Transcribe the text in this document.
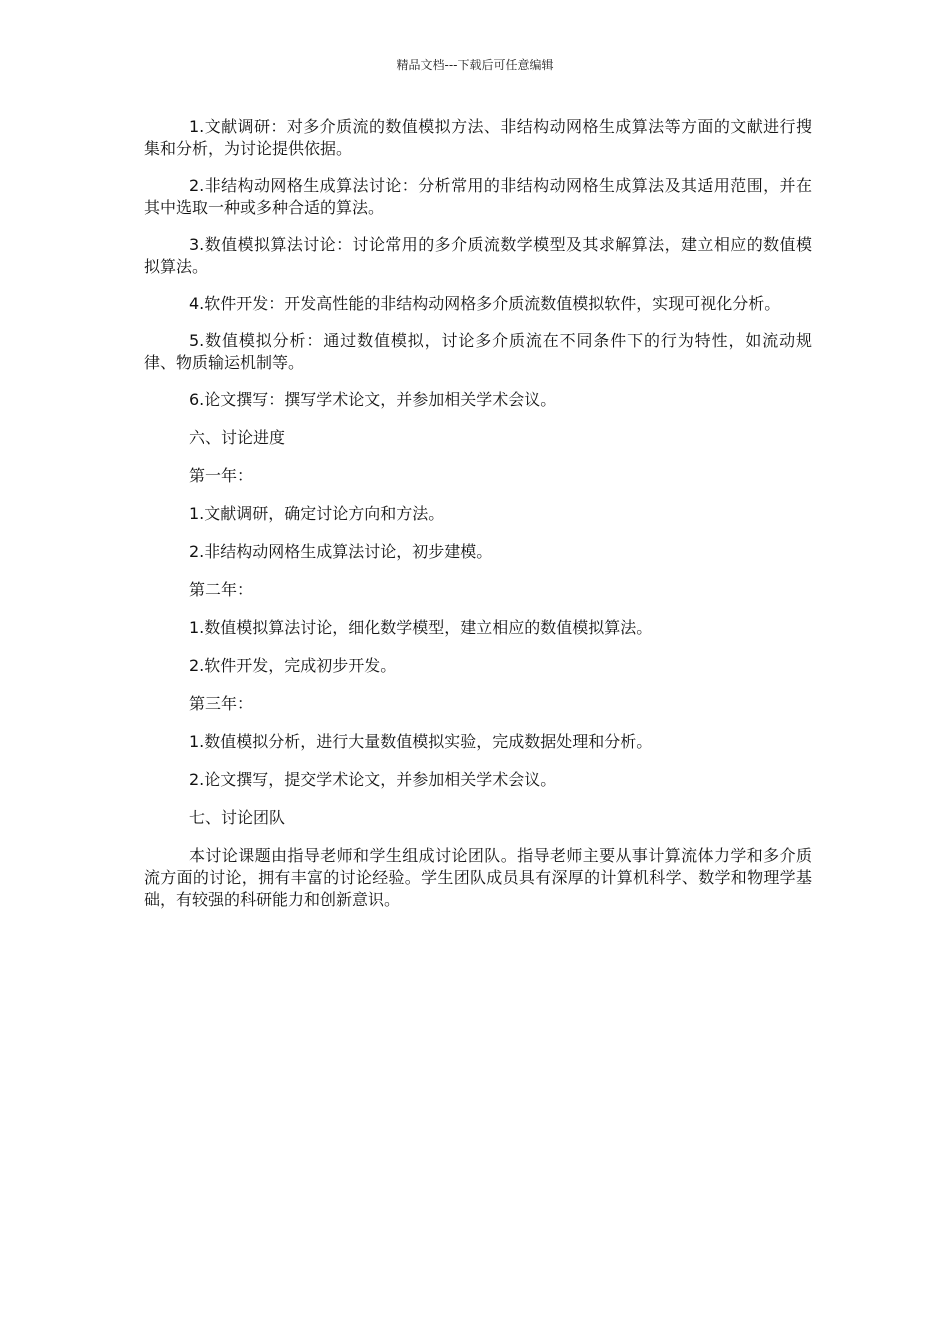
精品文档---下载后可任意编辑

1.文献调研：对多介质流的数值模拟方法、非结构动网格生成算法等方面的文献进行搜集和分析，为讨论提供依据。

2.非结构动网格生成算法讨论：分析常用的非结构动网格生成算法及其适用范围，并在其中选取一种或多种合适的算法。

3.数值模拟算法讨论：讨论常用的多介质流数学模型及其求解算法，建立相应的数值模拟算法。

4.软件开发：开发高性能的非结构动网格多介质流数值模拟软件，实现可视化分析。

5.数值模拟分析：通过数值模拟，讨论多介质流在不同条件下的行为特性，如流动规律、物质输运机制等。

6.论文撰写：撰写学术论文，并参加相关学术会议。

六、讨论进度

第一年：

1.文献调研，确定讨论方向和方法。

2.非结构动网格生成算法讨论，初步建模。

第二年：

1.数值模拟算法讨论，细化数学模型，建立相应的数值模拟算法。

2.软件开发，完成初步开发。

第三年：

1.数值模拟分析，进行大量数值模拟实验，完成数据处理和分析。

2.论文撰写，提交学术论文，并参加相关学术会议。

七、讨论团队

本讨论课题由指导老师和学生组成讨论团队。指导老师主要从事计算流体力学和多介质流方面的讨论，拥有丰富的讨论经验。学生团队成员具有深厚的计算机科学、数学和物理学基础，有较强的科研能力和创新意识。
